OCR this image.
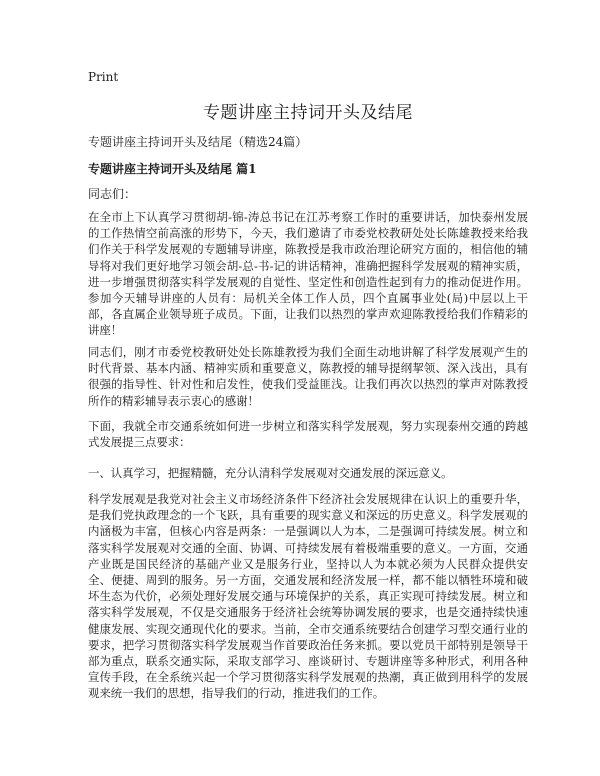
Print
专题讲座主持词开头及结尾
专题讲座主持词开头及结尾（精选24篇）
专题讲座主持词开头及结尾 篇1
同志们：

在全市上下认真学习贯彻胡-锦-涛总书记在江苏考察工作时的重要讲话，加快泰州发展的工作热情空前高涨的形势下，今天，我们邀请了市委党校教研处处长陈雄教授来给我们作关于科学发展观的专题辅导讲座，陈教授是我市政治理论研究方面的，相信他的辅导将对我们更好地学习领会胡-总-书-记的讲话精神，准确把握科学发展观的精神实质，进一步增强贯彻落实科学发展观的自觉性、坚定性和创造性起到有力的推动促进作用。参加今天辅导讲座的人员有：局机关全体工作人员，四个直属事业处(局)中层以上干部，各直属企业领导班子成员。下面，让我们以热烈的掌声欢迎陈教授给我们作精彩的讲座！

同志们，刚才市委党校教研处处长陈雄教授为我们全面生动地讲解了科学发展观产生的时代背景、基本内涵、精神实质和重要意义，陈教授的辅导提纲挈领、深入浅出，具有很强的指导性、针对性和启发性，使我们受益匪浅。让我们再次以热烈的掌声对陈教授所作的精彩辅导表示衷心的感谢！

下面，我就全市交通系统如何进一步树立和落实科学发展观，努力实现泰州交通的跨越式发展提三点要求：

一、认真学习，把握精髓，充分认清科学发展观对交通发展的深远意义。

科学发展观是我党对社会主义市场经济条件下经济社会发展规律在认识上的重要升华，是我们党执政理念的一个飞跃，具有重要的现实意义和深远的历史意义。科学发展观的内涵极为丰富，但核心内容是两条：一是强调以人为本，二是强调可持续发展。树立和落实科学发展观对交通的全面、协调、可持续发展有着极端重要的意义。一方面，交通产业既是国民经济的基础产业又是服务行业，坚持以人为本就必须为人民群众提供安全、便捷、周到的服务。另一方面，交通发展和经济发展一样，都不能以牺牲环境和破坏生态为代价，必须处理好发展交通与环境保护的关系，真正实现可持续发展。树立和落实科学发展观，不仅是交通服务于经济社会统筹协调发展的要求，也是交通持续快速健康发展、实现交通现代化的要求。当前，全市交通系统要结合创建学习型交通行业的要求，把学习贯彻落实科学发展观当作首要政治任务来抓。要以党员干部特别是领导干部为重点，联系交通实际，采取支部学习、座谈研讨、专题讲座等多种形式，利用各种宣传手段，在全系统兴起一个学习贯彻落实科学发展观的热潮，真正做到用科学的发展观来统一我们的思想，指导我们的行动，推进我们的工作。
